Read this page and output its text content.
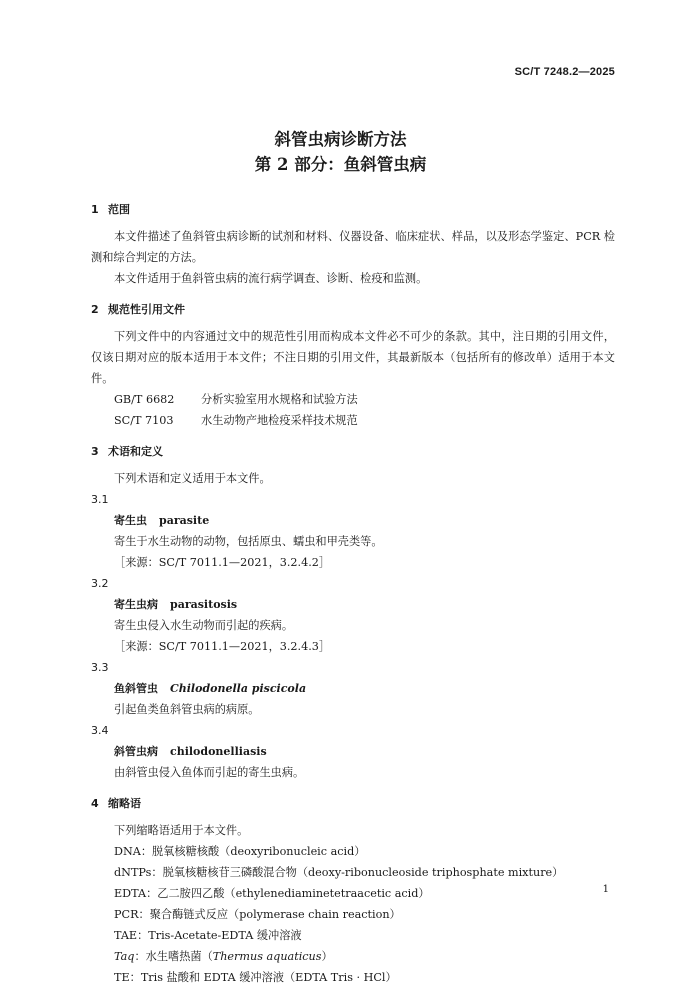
SC/T 7248.2—2025
斜管虫病诊断方法
第 2 部分：鱼斜管虫病
1 范围

本文件描述了鱼斜管虫病诊断的试剂和材料、仪器设备、临床症状、样品，以及形态学鉴定、PCR 检测和综合判定的方法。

本文件适用于鱼斜管虫病的流行病学调查、诊断、检疫和监测。

2 规范性引用文件

下列文件中的内容通过文中的规范性引用而构成本文件必不可少的条款。其中，注日期的引用文件，仅该日期对应的版本适用于本文件；不注日期的引用文件，其最新版本（包括所有的修改单）适用于本文件。

GB/T 6682 分析实验室用水规格和试验方法
SC/T 7103 水生动物产地检疫采样技术规范
3 术语和定义

下列术语和定义适用于本文件。

3.1
寄生虫 parasite
寄生于水生动物的动物，包括原虫、蠕虫和甲壳类等。
［来源：SC/T 7011.1—2021，3.2.4.2］
3.2
寄生虫病 parasitosis
寄生虫侵入水生动物而引起的疾病。
［来源：SC/T 7011.1—2021，3.2.4.3］
3.3
鱼斜管虫 Chilodonella piscicola
引起鱼类鱼斜管虫病的病原。
3.4
斜管虫病 chilodonelliasis
由斜管虫侵入鱼体而引起的寄生虫病。
4 缩略语

下列缩略语适用于本文件。

DNA：脱氧核糖核酸（deoxyribonucleic acid）
dNTPs：脱氧核糖核苷三磷酸混合物（deoxy-ribonucleoside triphosphate mixture）
EDTA：乙二胺四乙酸（ethylenediaminetetraacetic acid）
PCR：聚合酶链式反应（polymerase chain reaction）
TAE：Tris-Acetate-EDTA 缓冲溶液
Taq：水生嗜热菌（Thermus aquaticus）
TE：Tris 盐酸和 EDTA 缓冲溶液（EDTA Tris · HCl）
1
